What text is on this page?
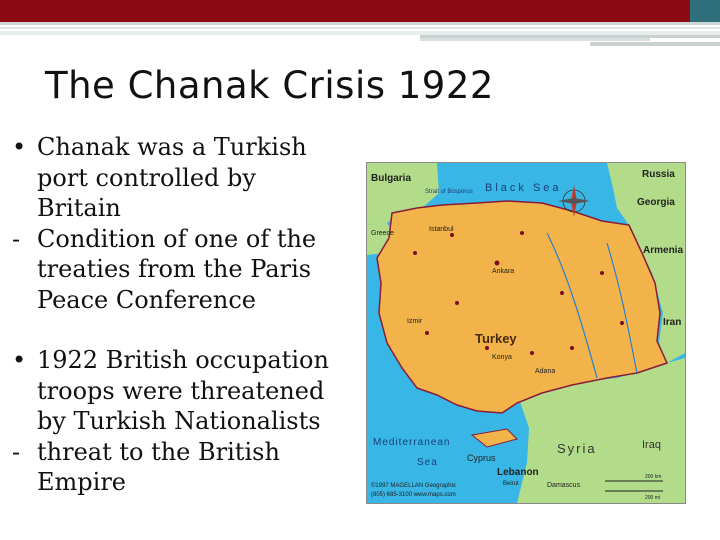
The Chanak Crisis 1922
• Chanak was a Turkish port controlled by Britain
- Condition of one of the treaties from the Paris Peace Conference
• 1922 British occupation troops were threatened by Turkish Nationalists
- threat to the British Empire
Bulgaria
Black Sea
Russia
Georgia
Armenia
Iran
Turkey
Syria	Iraq
Mediterranean
Sea	Cyprus
Lebanon
Greece
Strait of Bosporus
Ankara
Istanbul
Izmir
Konya
Adana
Damascus
Beirut
©1997 MAGELLAN Geographix
(805) 685-3100 www.maps.com
200 km
200 mi
